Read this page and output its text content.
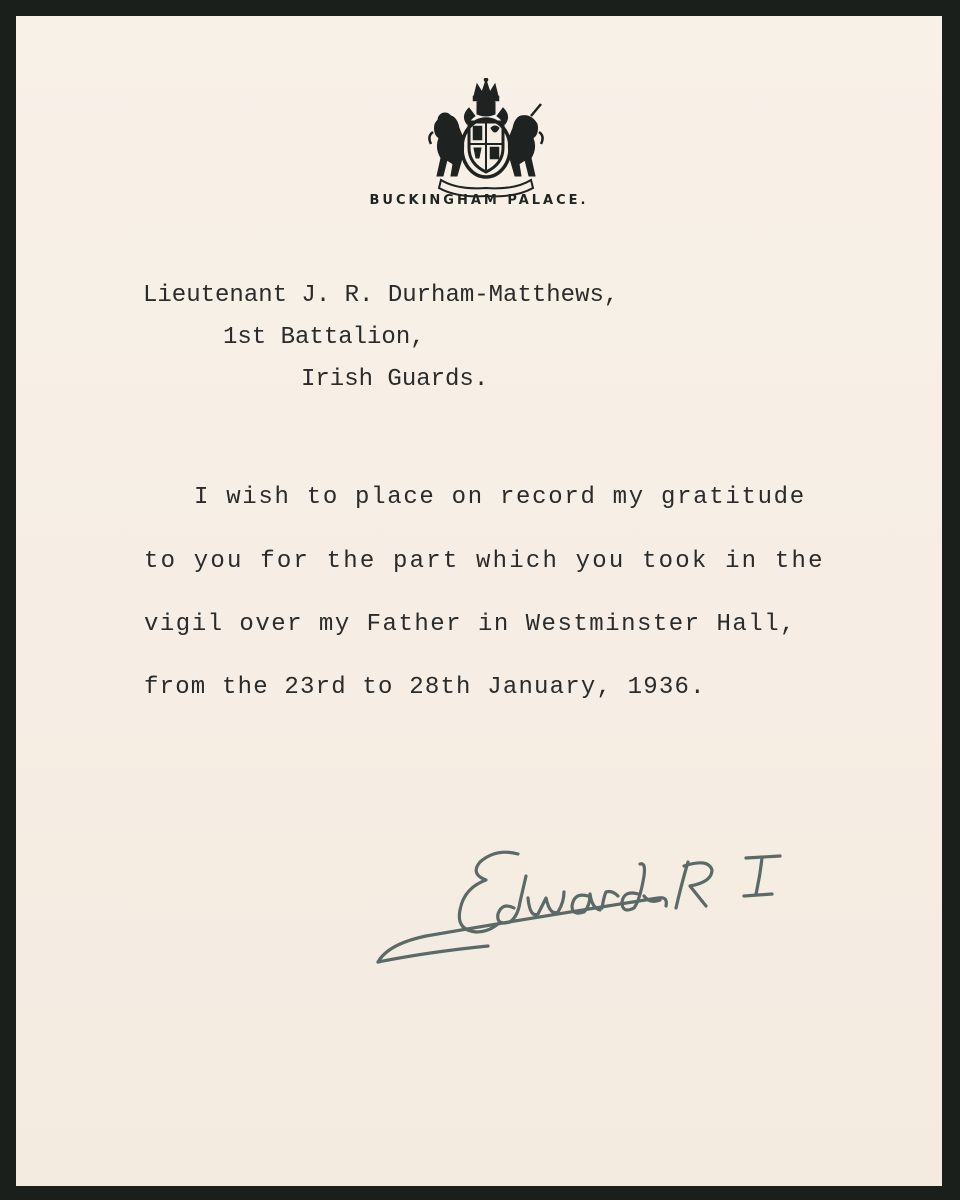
BUCKINGHAM PALACE.
Lieutenant J. R. Durham-Matthews,
1st Battalion,
Irish Guards.
I wish to place on record my gratitude
to you for the part which you took in the
vigil over my Father in Westminster Hall,
from the 23rd to 28th January, 1936.
